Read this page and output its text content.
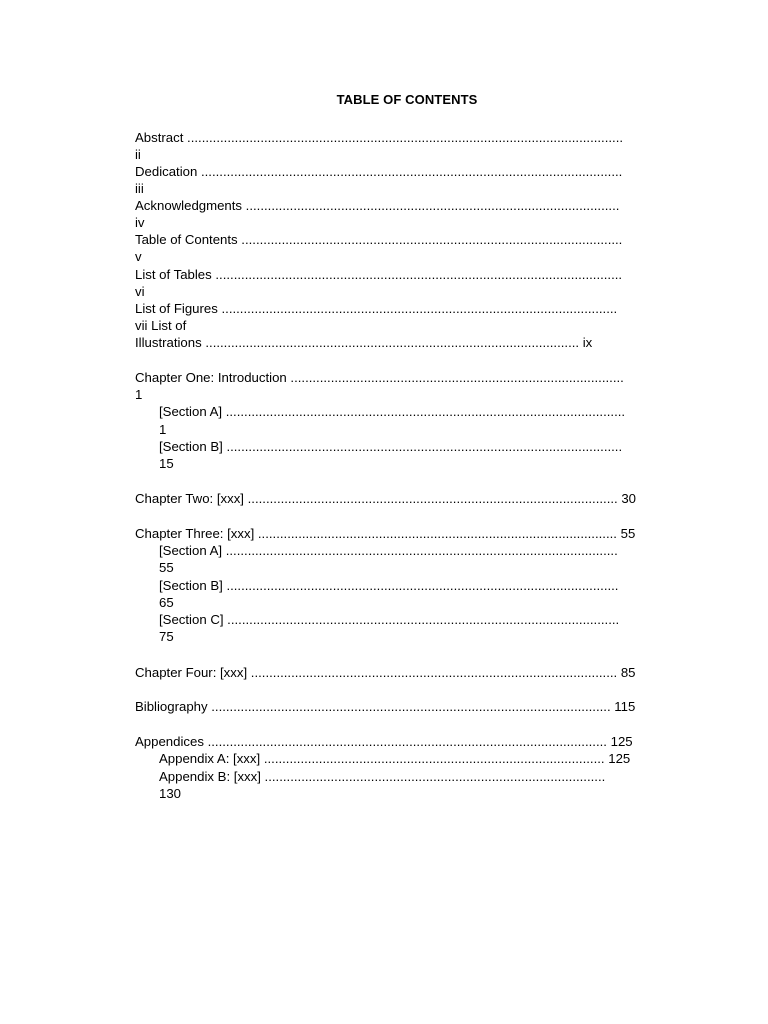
TABLE OF CONTENTS
Abstract .......................................................................................................................
ii
Dedication ...................................................................................................................
iii
Acknowledgments ......................................................................................................
iv
Table of Contents ........................................................................................................
v
List of Tables ...............................................................................................................
vi
List of Figures ............................................................................................................
vii List of
Illustrations ...................................................................................................... ix
Chapter One: Introduction ...........................................................................................
1
[Section A] .............................................................................................................
1
[Section B] ............................................................................................................
15
Chapter Two: [xxx] ..................................................................................................... 30
Chapter Three: [xxx] .................................................................................................. 55
[Section A] ...........................................................................................................
55
[Section B] ...........................................................................................................
65
[Section C] ...........................................................................................................
75
Chapter Four: [xxx] .................................................................................................... 85
Bibliography ............................................................................................................. 115
Appendices ............................................................................................................. 125
Appendix A: [xxx] ............................................................................................. 125
Appendix B: [xxx] .............................................................................................
130
